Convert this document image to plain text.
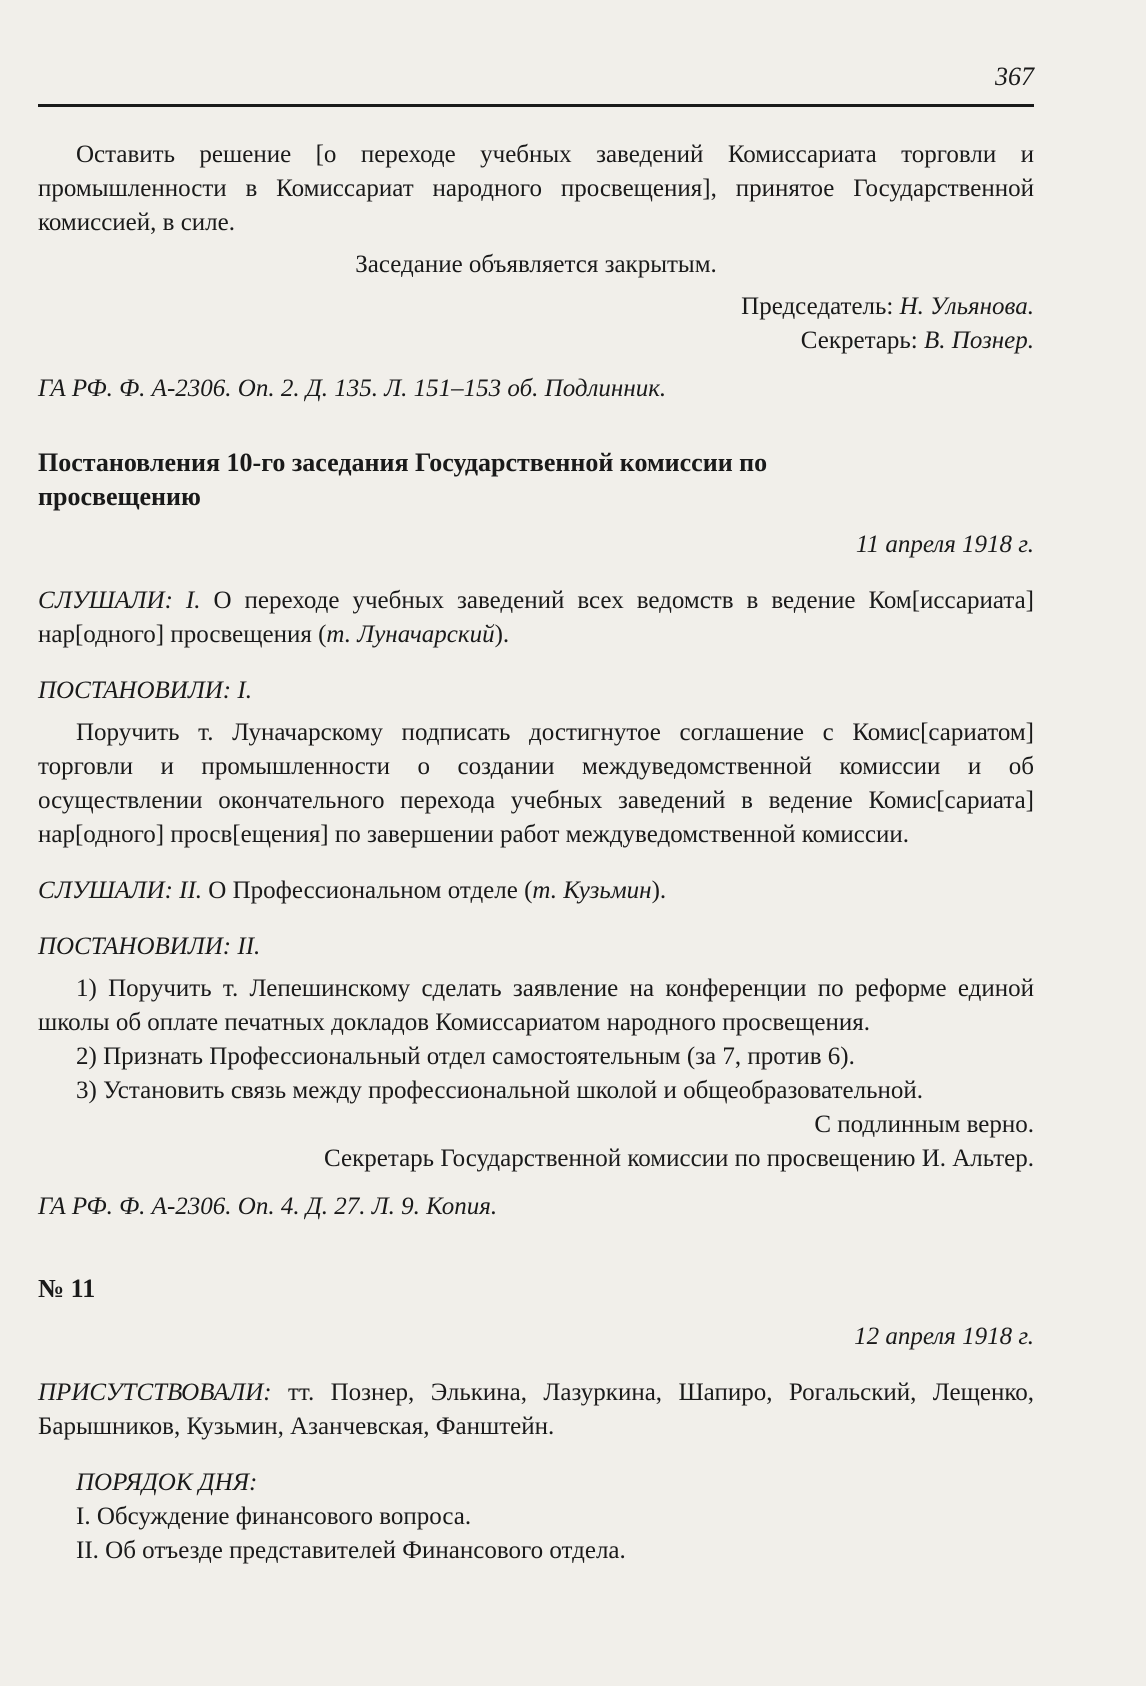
367

Оставить решение [о переходе учебных заведений Комиссариата торговли и промышленности в Комиссариат народного просвещения], принятое Государственной комиссией, в силе.

Заседание объявляется закрытым.

Председатель: Н. Ульянова.

Секретарь: В. Познер.

ГА РФ. Ф. А-2306. Оп. 2. Д. 135. Л. 151–153 об. Подлинник.

Постановления 10-го заседания Государственной комиссии по просвещению

11 апреля 1918 г.

СЛУШАЛИ: I. О переходе учебных заведений всех ведомств в ведение Ком[иссариата] нар[одного] просвещения (т. Луначарский).

ПОСТАНОВИЛИ: I.

Поручить т. Луначарскому подписать достигнутое соглашение с Комис[сариатом] торговли и промышленности о создании междуведомственной комиссии и об осуществлении окончательного перехода учебных заведений в ведение Комис[сариата] нар[одного] просв[ещения] по завершении работ междуведомственной комиссии.

СЛУШАЛИ: II. О Профессиональном отделе (т. Кузьмин).

ПОСТАНОВИЛИ: II.

1) Поручить т. Лепешинскому сделать заявление на конференции по реформе единой школы об оплате печатных докладов Комиссариатом народного просвещения.

2) Признать Профессиональный отдел самостоятельным (за 7, против 6).

3) Установить связь между профессиональной школой и общеобразовательной.

С подлинным верно.

Секретарь Государственной комиссии по просвещению И. Альтер.

ГА РФ. Ф. А-2306. Оп. 4. Д. 27. Л. 9. Копия.

№ 11

12 апреля 1918 г.

ПРИСУТСТВОВАЛИ: тт. Познер, Элькина, Лазуркина, Шапиро, Рогальский, Лещенко, Барышников, Кузьмин, Азанчевская, Фанштейн.

ПОРЯДОК ДНЯ:

I. Обсуждение финансового вопроса.

II. Об отъезде представителей Финансового отдела.
